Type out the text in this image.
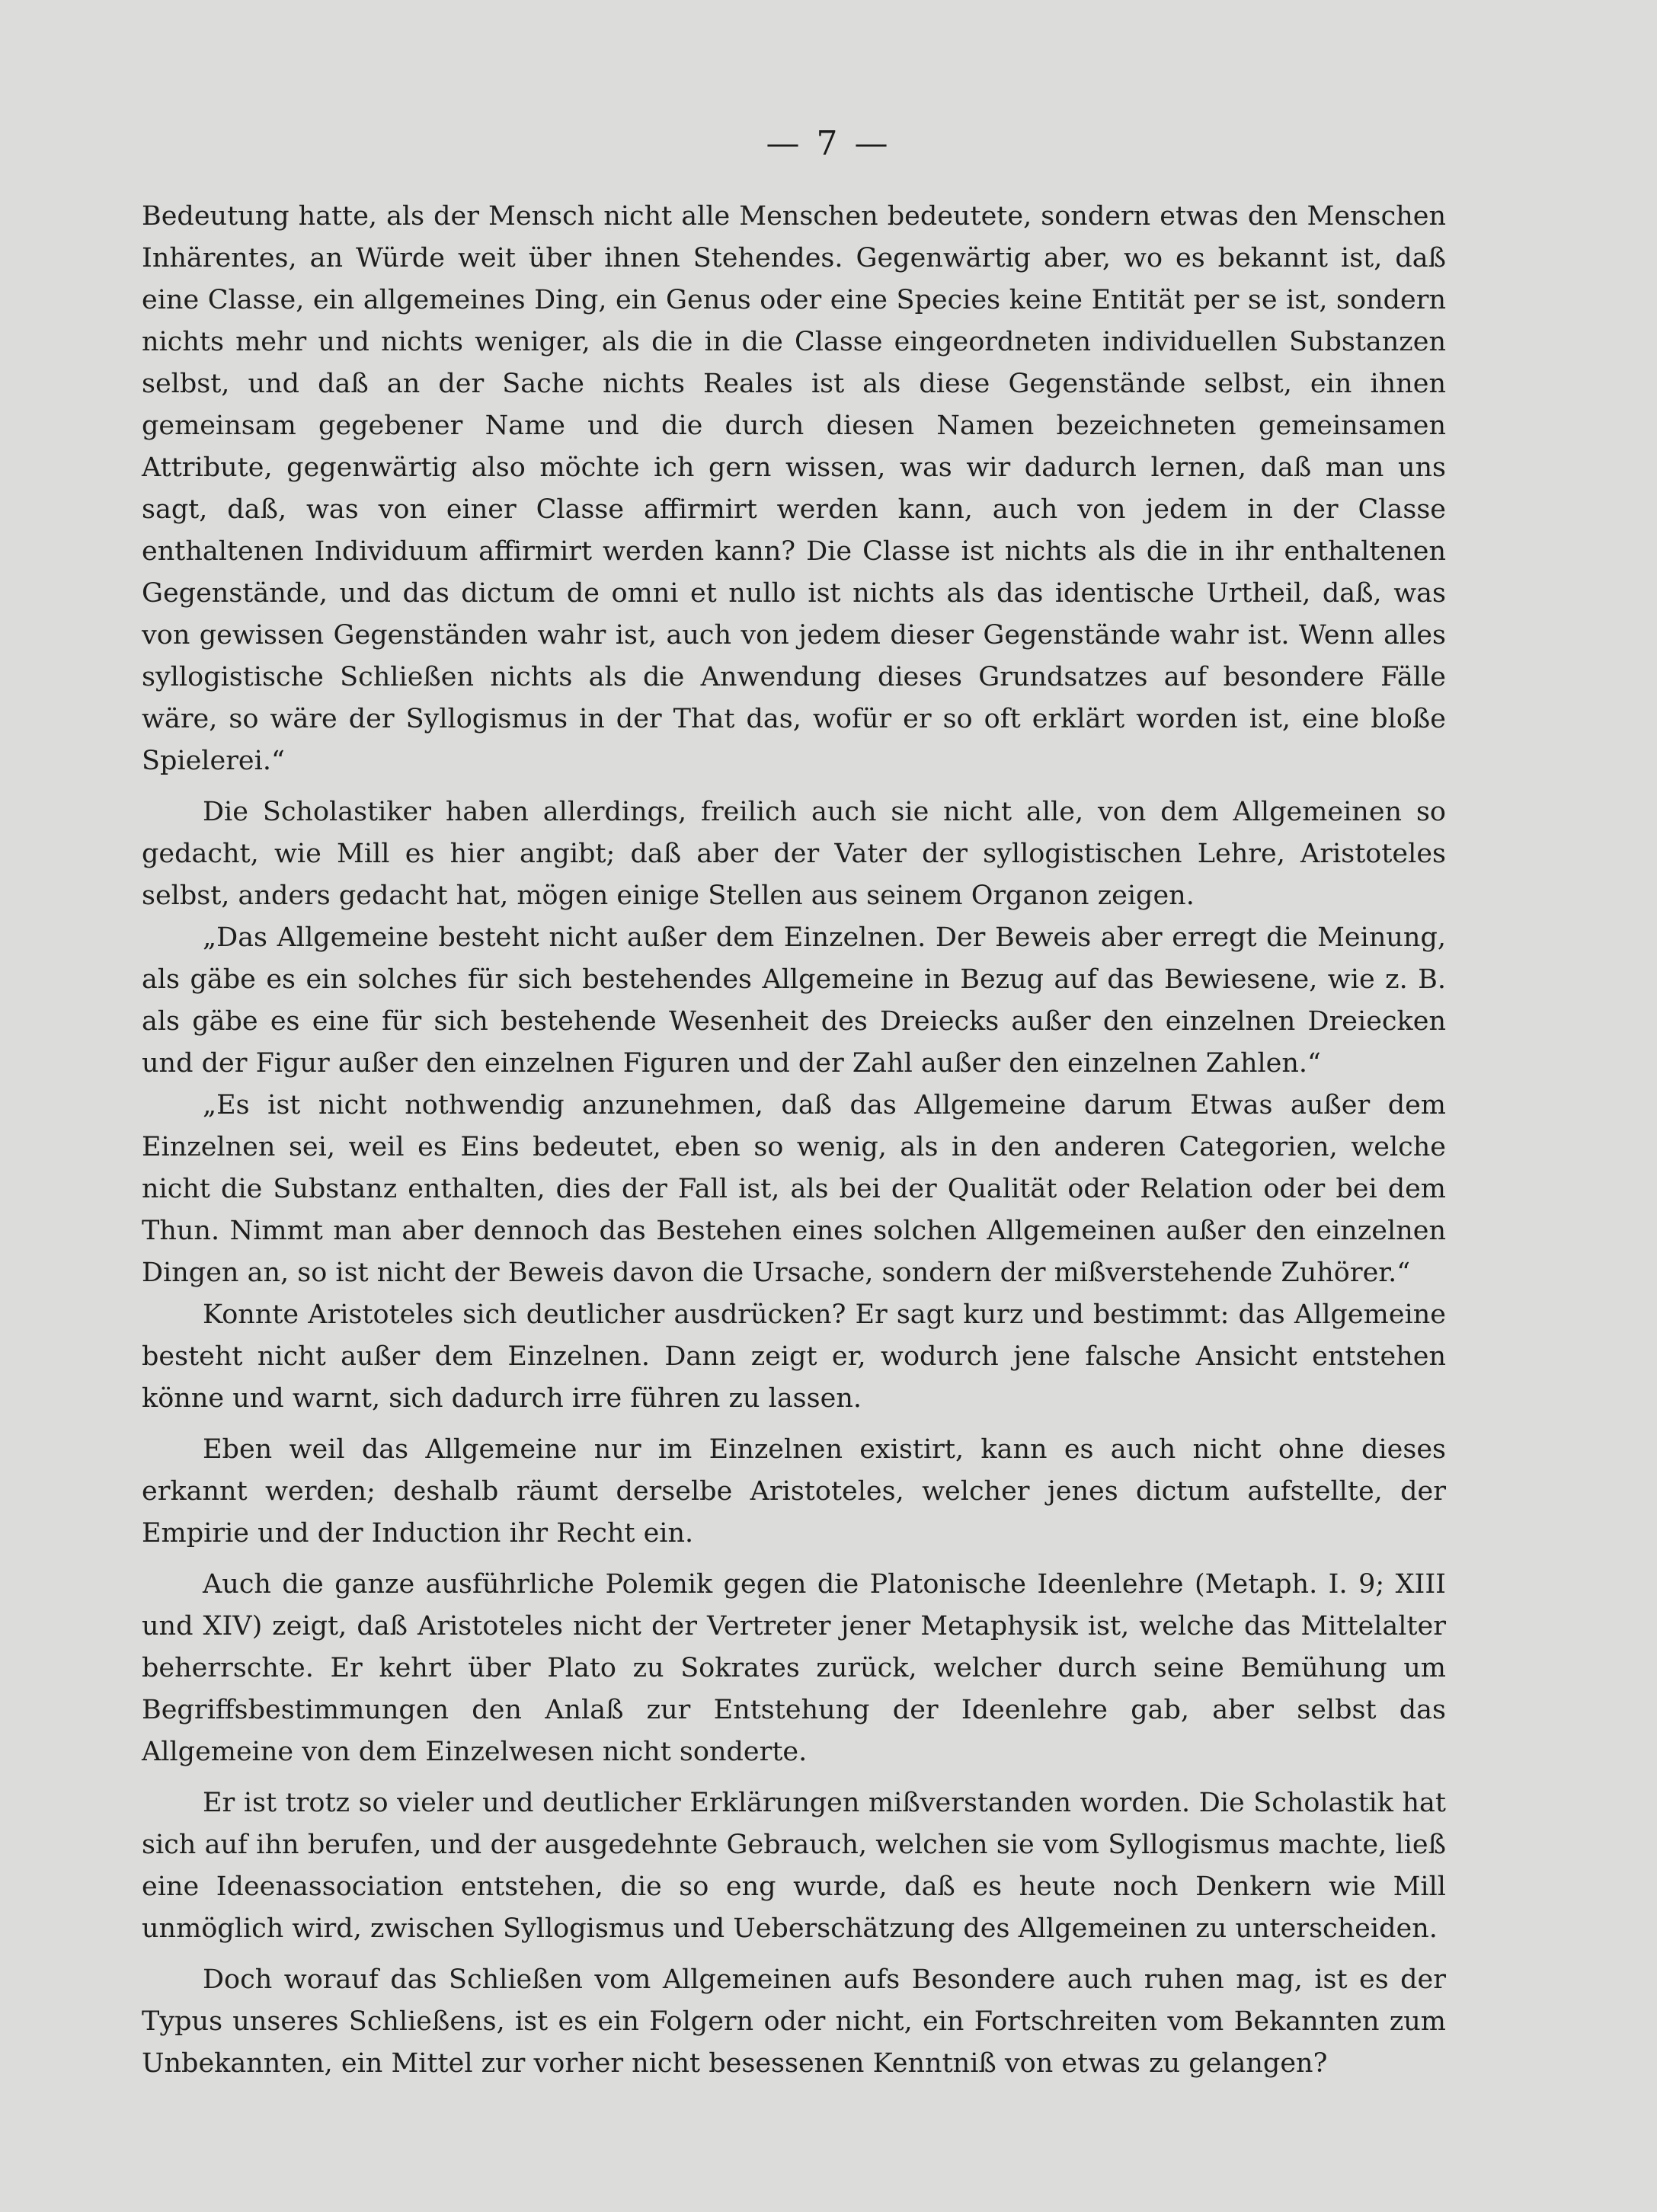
— 7 —

Bedeutung hatte, als der Mensch nicht alle Menschen bedeutete, sondern etwas den Menschen Inhärentes, an Würde weit über ihnen Stehendes. Gegenwärtig aber, wo es bekannt ist, daß eine Classe, ein allgemeines Ding, ein Genus oder eine Species keine Entität per se ist, sondern nichts mehr und nichts weniger, als die in die Classe eingeordneten individuellen Substanzen selbst, und daß an der Sache nichts Reales ist als diese Gegenstände selbst, ein ihnen gemeinsam gegebener Name und die durch diesen Namen bezeichneten gemeinsamen Attribute, gegenwärtig also möchte ich gern wissen, was wir dadurch lernen, daß man uns sagt, daß, was von einer Classe affirmirt werden kann, auch von jedem in der Classe enthaltenen Individuum affirmirt werden kann? Die Classe ist nichts als die in ihr enthaltenen Gegenstände, und das dictum de omni et nullo ist nichts als das identische Urtheil, daß, was von gewissen Gegenständen wahr ist, auch von jedem dieser Gegenstände wahr ist. Wenn alles syllogistische Schließen nichts als die Anwendung dieses Grundsatzes auf besondere Fälle wäre, so wäre der Syllogismus in der That das, wofür er so oft erklärt worden ist, eine bloße Spielerei.“

Die Scholastiker haben allerdings, freilich auch sie nicht alle, von dem Allgemeinen so gedacht, wie Mill es hier angibt; daß aber der Vater der syllogistischen Lehre, Aristoteles selbst, anders gedacht hat, mögen einige Stellen aus seinem Organon zeigen.

„Das Allgemeine besteht nicht außer dem Einzelnen. Der Beweis aber erregt die Meinung, als gäbe es ein solches für sich bestehendes Allgemeine in Bezug auf das Bewiesene, wie z. B. als gäbe es eine für sich bestehende Wesenheit des Dreiecks außer den einzelnen Dreiecken und der Figur außer den einzelnen Figuren und der Zahl außer den einzelnen Zahlen.“

„Es ist nicht nothwendig anzunehmen, daß das Allgemeine darum Etwas außer dem Einzelnen sei, weil es Eins bedeutet, eben so wenig, als in den anderen Categorien, welche nicht die Substanz enthalten, dies der Fall ist, als bei der Qualität oder Relation oder bei dem Thun. Nimmt man aber dennoch das Bestehen eines solchen Allgemeinen außer den einzelnen Dingen an, so ist nicht der Beweis davon die Ursache, sondern der mißverstehende Zuhörer.“

Konnte Aristoteles sich deutlicher ausdrücken? Er sagt kurz und bestimmt: das Allgemeine besteht nicht außer dem Einzelnen. Dann zeigt er, wodurch jene falsche Ansicht entstehen könne und warnt, sich dadurch irre führen zu lassen.

Eben weil das Allgemeine nur im Einzelnen existirt, kann es auch nicht ohne dieses erkannt werden; deshalb räumt derselbe Aristoteles, welcher jenes dictum aufstellte, der Empirie und der Induction ihr Recht ein.

Auch die ganze ausführliche Polemik gegen die Platonische Ideenlehre (Metaph. I. 9; XIII und XIV) zeigt, daß Aristoteles nicht der Vertreter jener Metaphysik ist, welche das Mittelalter beherrschte. Er kehrt über Plato zu Sokrates zurück, welcher durch seine Bemühung um Begriffsbestimmungen den Anlaß zur Entstehung der Ideenlehre gab, aber selbst das Allgemeine von dem Einzelwesen nicht sonderte.

Er ist trotz so vieler und deutlicher Erklärungen mißverstanden worden. Die Scholastik hat sich auf ihn berufen, und der ausgedehnte Gebrauch, welchen sie vom Syllogismus machte, ließ eine Ideenassociation entstehen, die so eng wurde, daß es heute noch Denkern wie Mill unmöglich wird, zwischen Syllogismus und Ueberschätzung des Allgemeinen zu unterscheiden.

Doch worauf das Schließen vom Allgemeinen aufs Besondere auch ruhen mag, ist es der Typus unseres Schließens, ist es ein Folgern oder nicht, ein Fortschreiten vom Bekannten zum Unbekannten, ein Mittel zur vorher nicht besessenen Kenntniß von etwas zu gelangen?
